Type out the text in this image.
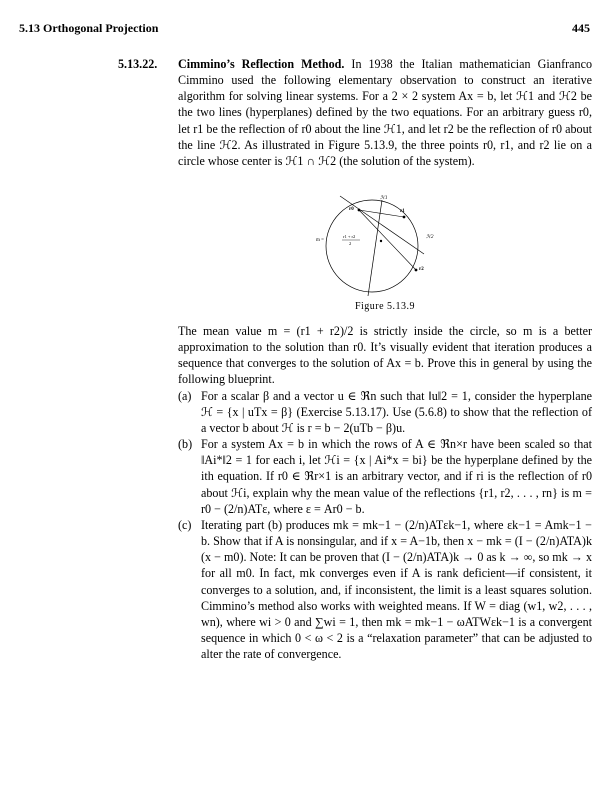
5.13 Orthogonal Projection	445
5.13.22. Cimmino’s Reflection Method. In 1938 the Italian mathematician Gianfranco Cimmino used the following elementary observation to construct an iterative algorithm for solving linear systems. For a 2 × 2 system Ax = b, let ℋ1 and ℋ2 be the two lines (hyperplanes) defined by the two equations. For an arbitrary guess r0, let r1 be the reflection of r0 about the line ℋ1, and let r2 be the reflection of r0 about the line ℋ2. As illustrated in Figure 5.13.9, the three points r0, r1, and r2 lie on a circle whose center is ℋ1 ∩ ℋ2 (the solution of the system).

ℋ1
ℋ2
r0	r1
r2
m =
r1 + r2
2
Figure 5.13.9

The mean value m = (r1 + r2)/2 is strictly inside the circle, so m is a better approximation to the solution than r0. It’s visually evident that iteration produces a sequence that converges to the solution of Ax = b. Prove this in general by using the following blueprint.

(a) For a scalar β and a vector u ∈ ℜn such that ‖u‖2 = 1, consider the hyperplane ℋ = {x | uTx = β} (Exercise 5.13.17). Use (5.6.8) to show that the reflection of a vector b about ℋ is r = b − 2(uTb − β)u.
(b) For a system Ax = b in which the rows of A ∈ ℜn×r have been scaled so that ‖Ai*‖2 = 1 for each i, let ℋi = {x | Ai*x = bi} be the hyperplane defined by the ith equation. If r0 ∈ ℜr×1 is an arbitrary vector, and if ri is the reflection of r0 about ℋi, explain why the mean value of the reflections {r1, r2, . . . , rn} is m = r0 − (2/n)ATε, where ε = Ar0 − b.
(c) Iterating part (b) produces mk = mk−1 − (2/n)ATεk−1, where εk−1 = Amk−1 − b. Show that if A is nonsingular, and if x = A−1b, then x − mk = (I − (2/n)ATA)k (x − m0). Note: It can be proven that (I − (2/n)ATA)k → 0 as k → ∞, so mk → x for all m0. In fact, mk converges even if A is rank deficient—if consistent, it converges to a solution, and, if inconsistent, the limit is a least squares solution. Cimmino’s method also works with weighted means. If W = diag (w1, w2, . . . , wn), where wi > 0 and ∑wi = 1, then mk = mk−1 − ωATWεk−1 is a convergent sequence in which 0 < ω < 2 is a “relaxation parameter” that can be adjusted to alter the rate of convergence.
